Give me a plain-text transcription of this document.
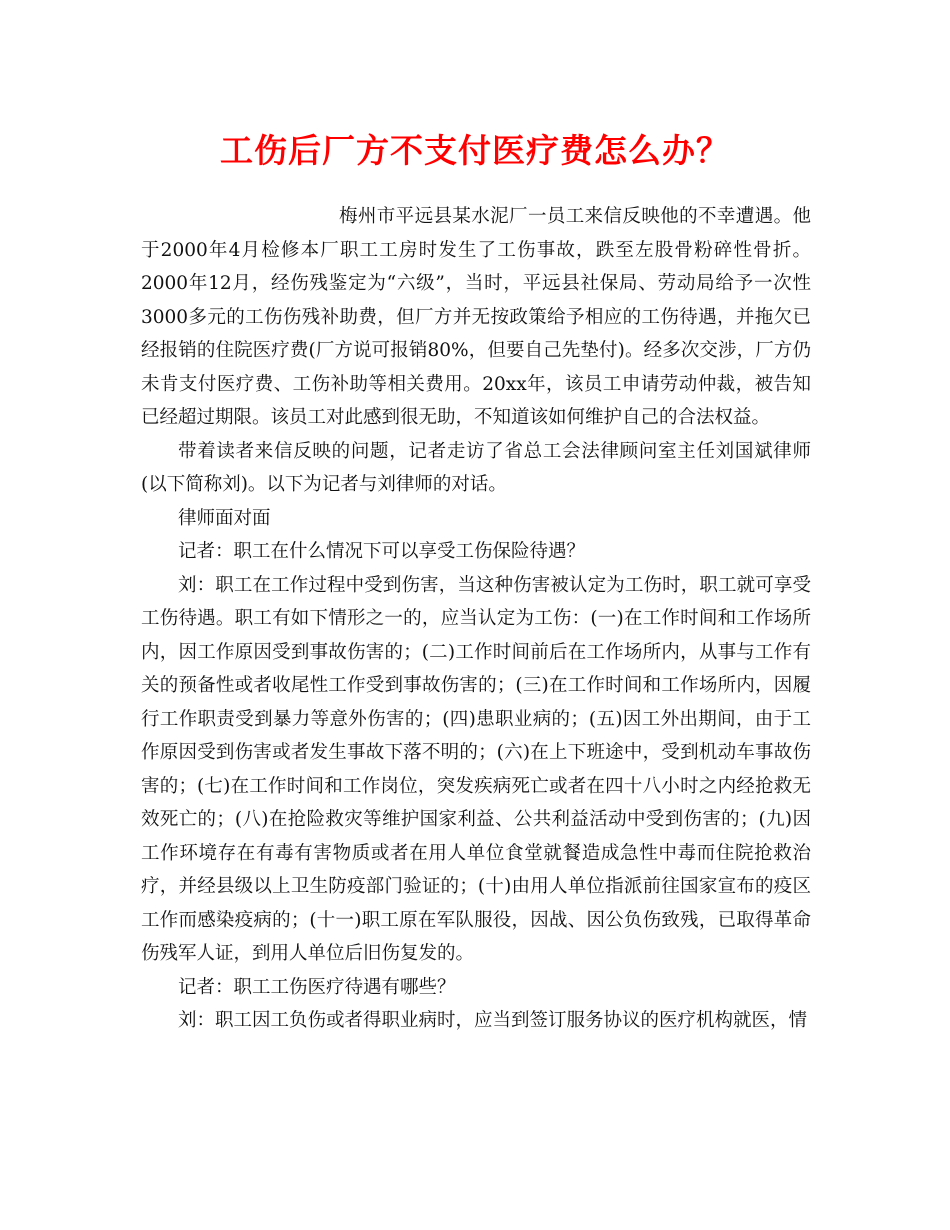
工伤后厂方不支付医疗费怎么办？

梅州市平远县某水泥厂一员工来信反映他的不幸遭遇。他于2000年4月检修本厂职工工房时发生了工伤事故，跌至左股骨粉碎性骨折。2000年12月，经伤残鉴定为“六级”，当时，平远县社保局、劳动局给予一次性3000多元的工伤伤残补助费，但厂方并无按政策给予相应的工伤待遇，并拖欠已经报销的住院医疗费(厂方说可报销80%，但要自己先垫付)。经多次交涉，厂方仍未肯支付医疗费、工伤补助等相关费用。20xx年，该员工申请劳动仲裁，被告知已经超过期限。该员工对此感到很无助，不知道该如何维护自己的合法权益。

带着读者来信反映的问题，记者走访了省总工会法律顾问室主任刘国斌律师(以下简称刘)。以下为记者与刘律师的对话。

律师面对面

记者：职工在什么情况下可以享受工伤保险待遇？

刘：职工在工作过程中受到伤害，当这种伤害被认定为工伤时，职工就可享受工伤待遇。职工有如下情形之一的，应当认定为工伤：(一)在工作时间和工作场所内，因工作原因受到事故伤害的；(二)工作时间前后在工作场所内，从事与工作有关的预备性或者收尾性工作受到事故伤害的；(三)在工作时间和工作场所内，因履行工作职责受到暴力等意外伤害的；(四)患职业病的；(五)因工外出期间，由于工作原因受到伤害或者发生事故下落不明的；(六)在上下班途中，受到机动车事故伤害的；(七)在工作时间和工作岗位，突发疾病死亡或者在四十八小时之内经抢救无效死亡的；(八)在抢险救灾等维护国家利益、公共利益活动中受到伤害的；(九)因工作环境存在有毒有害物质或者在用人单位食堂就餐造成急性中毒而住院抢救治疗，并经县级以上卫生防疫部门验证的；(十)由用人单位指派前往国家宣布的疫区工作而感染疫病的；(十一)职工原在军队服役，因战、因公负伤致残，已取得革命伤残军人证，到用人单位后旧伤复发的。

记者：职工工伤医疗待遇有哪些？

刘：职工因工负伤或者得职业病时，应当到签订服务协议的医疗机构就医，情
